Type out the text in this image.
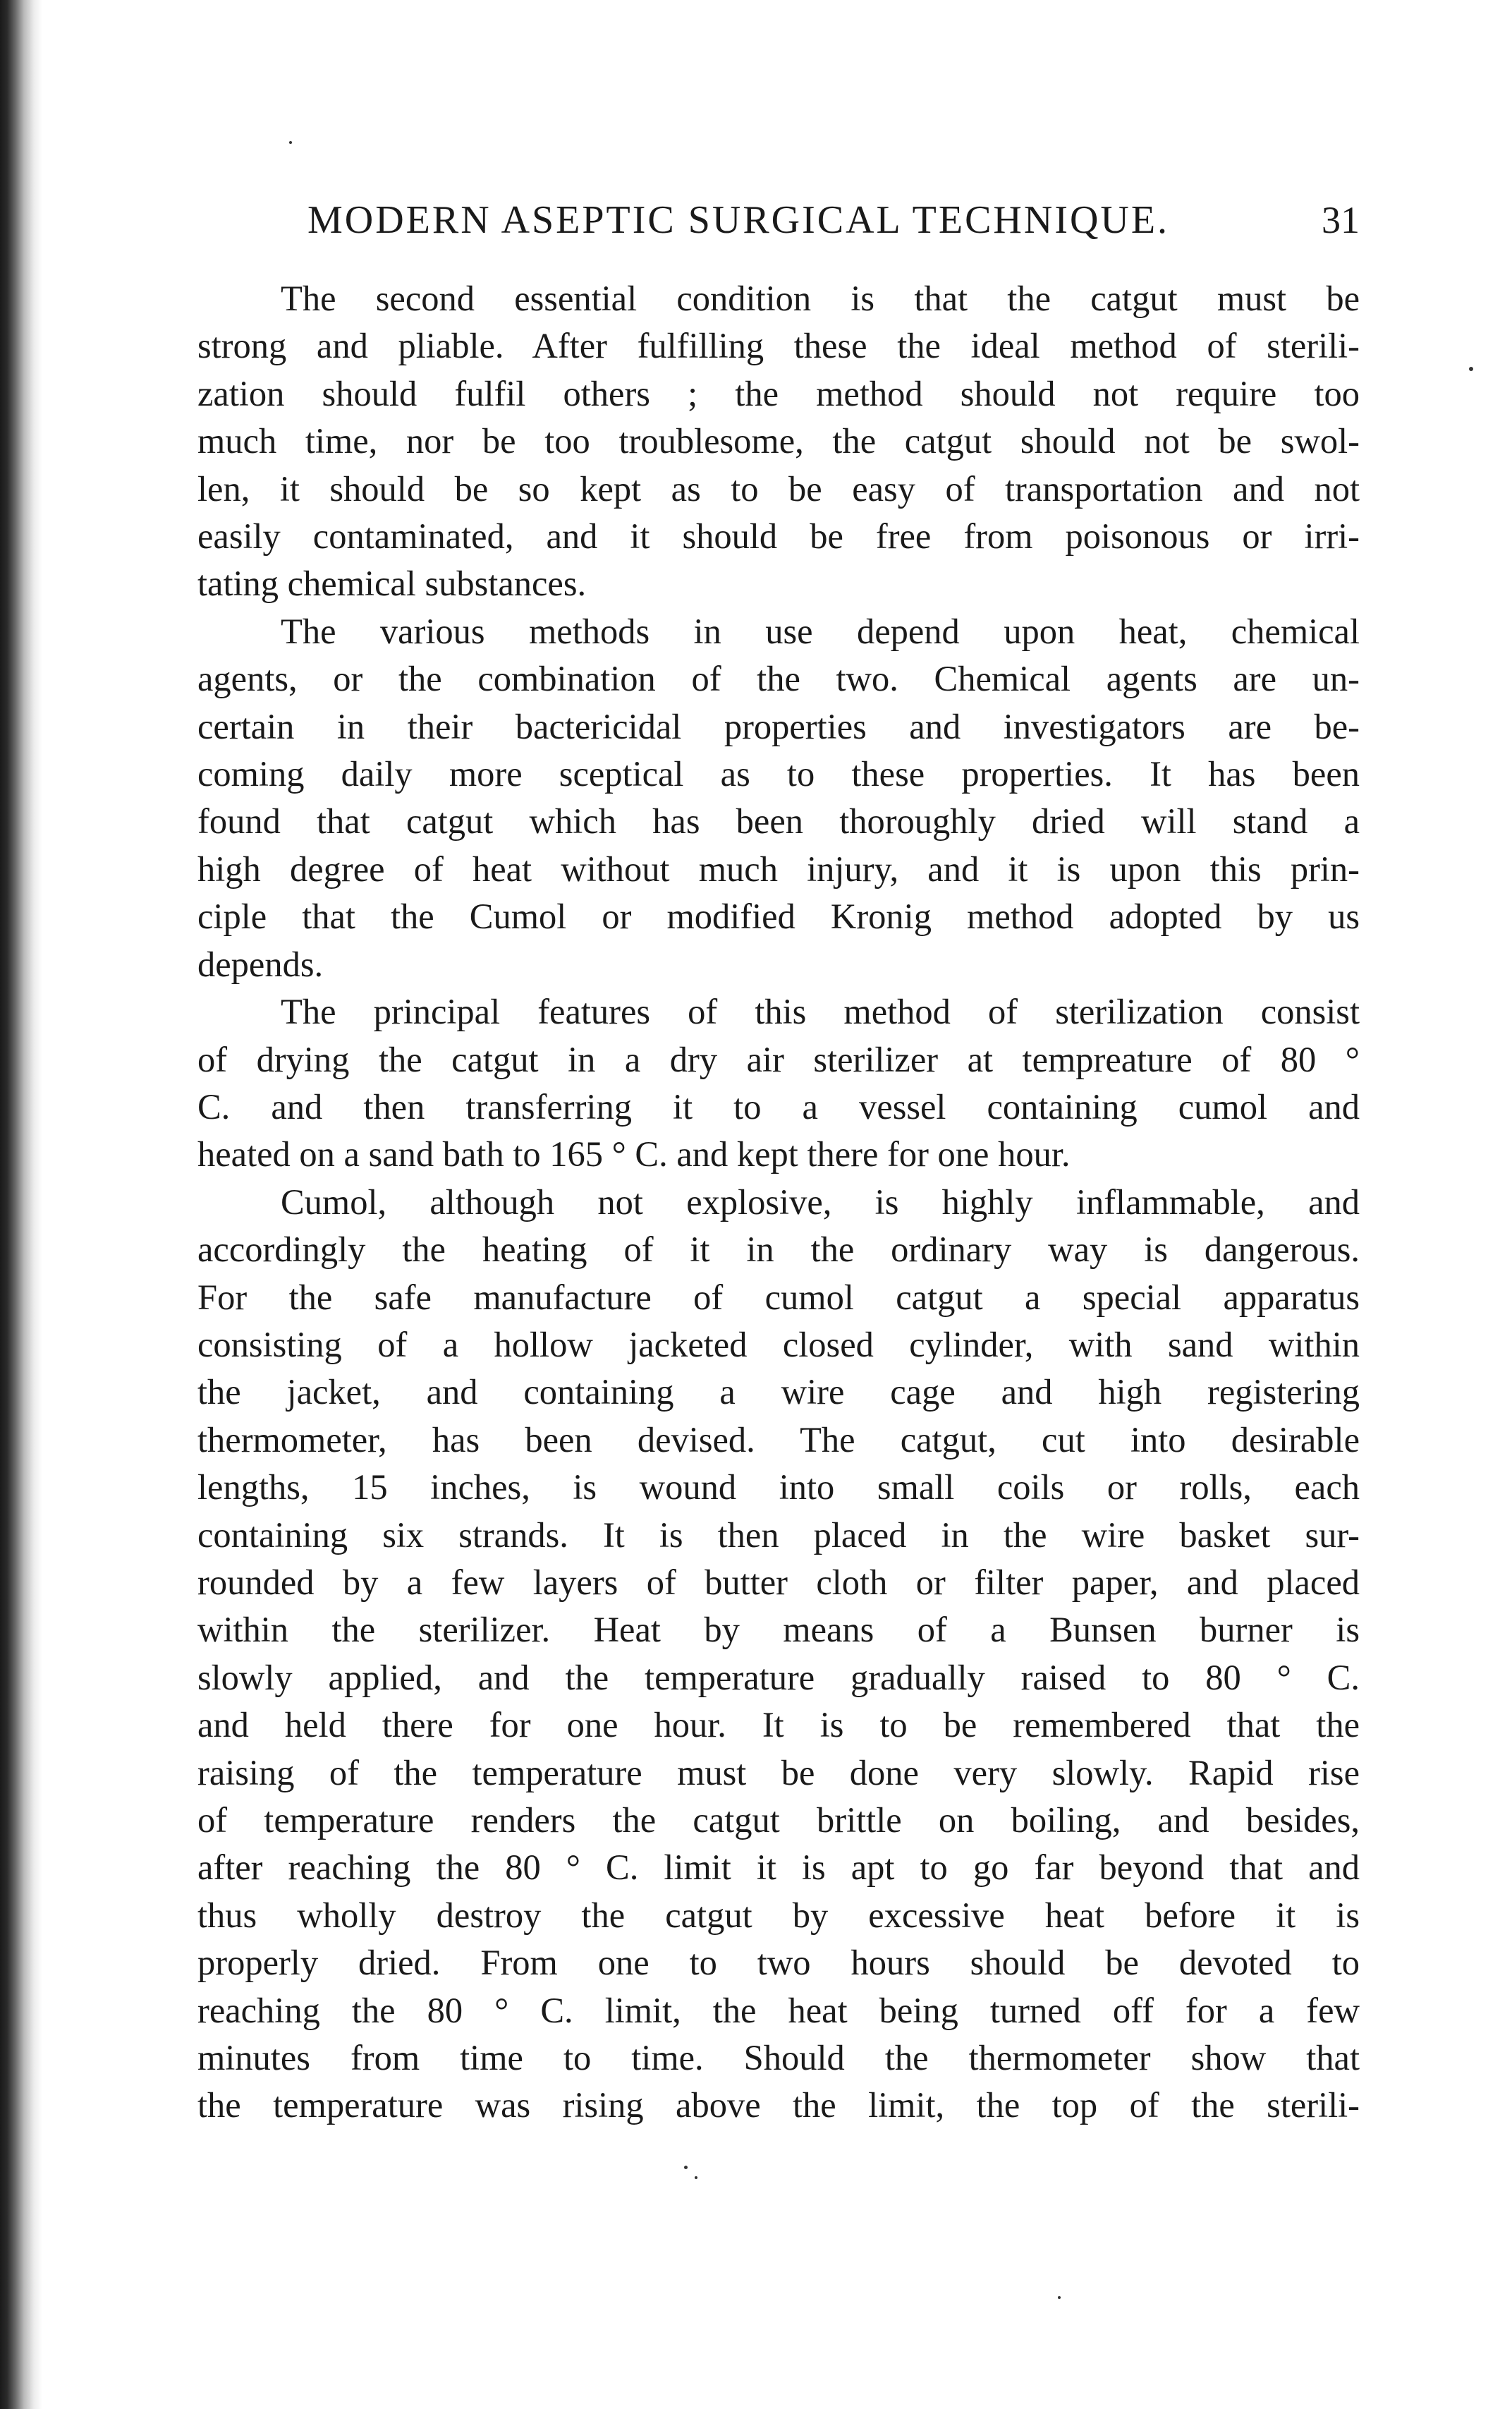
MODERN ASEPTIC SURGICAL TECHNIQUE.	31

The second essential condition is that the catgut must be
strong and pliable. After fulfilling these the ideal method of sterili-
zation should fulfil others ; the method should not require too
much time, nor be too troublesome, the catgut should not be swol-
len, it should be so kept as to be easy of transportation and not
easily contaminated, and it should be free from poisonous or irri-
tating chemical substances.

The various methods in use depend upon heat, chemical
agents, or the combination of the two. Chemical agents are un-
certain in their bactericidal properties and investigators are be-
coming daily more sceptical as to these properties. It has been
found that catgut which has been thoroughly dried will stand a
high degree of heat without much injury, and it is upon this prin-
ciple that the Cumol or modified Kronig method adopted by us
depends.

The principal features of this method of sterilization consist
of drying the catgut in a dry air sterilizer at tempreature of 80 °
C. and then transferring it to a vessel containing cumol and
heated on a sand bath to 165 ° C. and kept there for one hour.

Cumol, although not explosive, is highly inflammable, and
accordingly the heating of it in the ordinary way is dangerous.
For the safe manufacture of cumol catgut a special apparatus
consisting of a hollow jacketed closed cylinder, with sand within
the jacket, and containing a wire cage and high registering
thermometer, has been devised. The catgut, cut into desirable
lengths, 15 inches, is wound into small coils or rolls, each
containing six strands. It is then placed in the wire basket sur-
rounded by a few layers of butter cloth or filter paper, and placed
within the sterilizer. Heat by means of a Bunsen burner is
slowly applied, and the temperature gradually raised to 80 ° C.
and held there for one hour. It is to be remembered that the
raising of the temperature must be done very slowly. Rapid rise
of temperature renders the catgut brittle on boiling, and besides,
after reaching the 80 ° C. limit it is apt to go far beyond that and
thus wholly destroy the catgut by excessive heat before it is
properly dried. From one to two hours should be devoted to
reaching the 80 ° C. limit, the heat being turned off for a few
minutes from time to time. Should the thermometer show that
the temperature was rising above the limit, the top of the sterili-
